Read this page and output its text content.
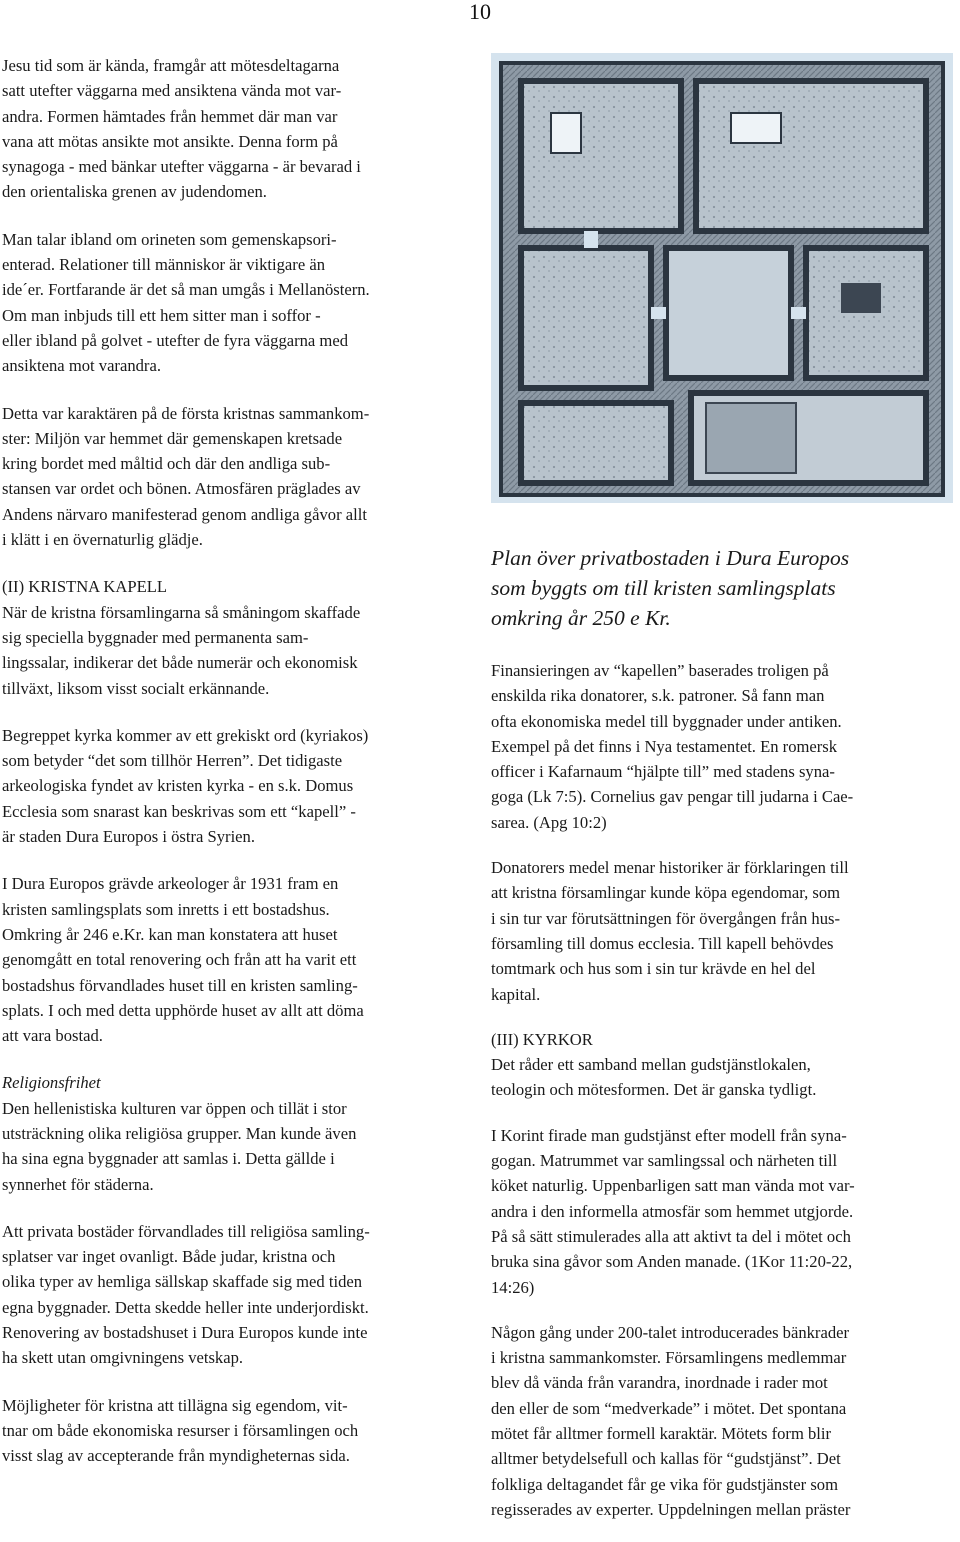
10

Jesu tid som är kända, framgår att mötesdeltagarna
satt utefter väggarna med ansiktena vända mot var-
andra. Formen hämtades från hemmet där man var
vana att mötas ansikte mot ansikte. Denna form på
synagoga - med bänkar utefter väggarna - är bevarad i
den orientaliska grenen av judendomen.

Man talar ibland om orineten som gemenskapsori-
enterad. Relationer till människor är viktigare än
ide´er. Fortfarande är det så man umgås i Mellanöstern.
Om man inbjuds till ett hem sitter man i soffor -
eller ibland på golvet - utefter de fyra väggarna med
ansiktena mot varandra.

Detta var karaktären på de första kristnas sammankom-
ster: Miljön var hemmet där gemenskapen kretsade
kring bordet med måltid och där den andliga sub-
stansen var ordet och bönen. Atmosfären präglades av
Andens närvaro manifesterad genom andliga gåvor allt
i klätt i en övernaturlig glädje.

(II) KRISTNA KAPELL
När de kristna församlingarna så småningom skaffade
sig speciella byggnader med permanenta sam-
lingssalar, indikerar det både numerär och ekonomisk
tillväxt, liksom visst socialt erkännande.

Begreppet kyrka kommer av ett grekiskt ord (kyriakos)
som betyder “det som tillhör Herren”. Det tidigaste
arkeologiska fyndet av kristen kyrka - en s.k. Domus
Ecclesia som snarast kan beskrivas som ett “kapell” -
är staden Dura Europos i östra Syrien.

I Dura Europos grävde arkeologer år 1931 fram en
kristen samlingsplats som inretts i ett bostadshus.
Omkring år 246 e.Kr. kan man konstatera att huset
genomgått en total renovering och från att ha varit ett
bostadshus förvandlades huset till en kristen samling-
splats. I och med detta upphörde huset av allt att döma
att vara bostad.

Religionsfrihet
Den hellenistiska kulturen var öppen och tillät i stor
utsträckning olika religiösa grupper. Man kunde även
ha sina egna byggnader att samlas i. Detta gällde i
synnerhet för städerna.

Att privata bostäder förvandlades till religiösa samling-
splatser var inget ovanligt. Både judar, kristna och
olika typer av hemliga sällskap skaffade sig med tiden
egna byggnader. Detta skedde heller inte underjordiskt.
Renovering av bostadshuset i Dura Europos kunde inte
ha skett utan omgivningens vetskap.

Möjligheter för kristna att tillägna sig egendom, vit-
tnar om både ekonomiska resurser i församlingen och
visst slag av accepterande från myndigheternas sida.

Plan över privatbostaden i Dura Europos
som byggts om till kristen samlingsplats
omkring år 250 e Kr.

Finansieringen av “kapellen” baserades troligen på
enskilda rika donatorer, s.k. patroner. Så fann man
ofta ekonomiska medel till byggnader under antiken.
Exempel på det finns i Nya testamentet. En romersk
officer i Kafarnaum “hjälpte till” med stadens syna-
goga (Lk 7:5). Cornelius gav pengar till judarna i Cae-
sarea. (Apg 10:2)

Donatorers medel menar historiker är förklaringen till
att kristna församlingar kunde köpa egendomar, som
i sin tur var förutsättningen för övergången från hus-
församling till domus ecclesia. Till kapell behövdes
tomtmark och hus som i sin tur krävde en hel del
kapital.

(III) KYRKOR
Det råder ett samband mellan gudstjänstlokalen,
teologin och mötesformen. Det är ganska tydligt.

I Korint firade man gudstjänst efter modell från syna-
gogan. Matrummet var samlingssal och närheten till
köket naturlig. Uppenbarligen satt man vända mot var-
andra i den informella atmosfär som hemmet utgjorde.
På så sätt stimulerades alla att aktivt ta del i mötet och
bruka sina gåvor som Anden manade. (1Kor 11:20-22,
14:26)

Någon gång under 200-talet introducerades bänkrader
i kristna sammankomster. Församlingens medlemmar
blev då vända från varandra, inordnade i rader mot
den eller de som “medverkade” i mötet. Det spontana
mötet får alltmer formell karaktär. Mötets form blir
alltmer betydelsefull och kallas för “gudstjänst”. Det
folkliga deltagandet får ge vika för gudstjänster som
regisserades av experter. Uppdelningen mellan präster
